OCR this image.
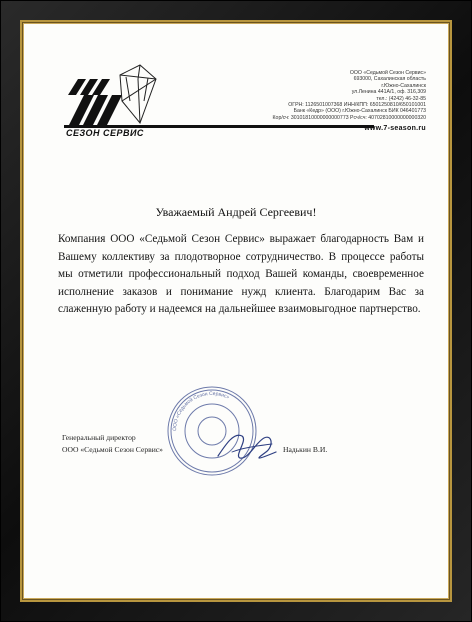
СЕЗОН СЕРВИС
ООО «Седьмой Сезон Сервис»
693000, Сахалинская область
г.Южно-Сахалинск
ул.Ленина 441А/1, оф. 316,309
тел.: (4242) 46-32-85
ОГРН: 1126501007368 ИНН/КПП: 6501250810/650101001
Банк «Кедр» (ООО) г.Южно-Сахалинск БИК 046401773
Кор/сч: 30101810000000000773 Рсч/сч: 40702810000000000320
www.7-season.ru
Уважаемый Андрей Сергеевич!
Компания ООО «Седьмой Сезон Сервис» выражает благодарность Вам и Вашему коллективу за плодотворное сотрудничество. В процессе работы мы отметили профессиональный подход Вашей команды, своевременное исполнение заказов и понимание нужд клиента. Благодарим Вас за слаженную работу и надеемся на дальнейшее взаимовыгодное партнерство.
ООО «Седьмой Сезон Сервис»
Генеральный директор
ООО «Седьмой Сезон Сервис»	Надькин В.И.
